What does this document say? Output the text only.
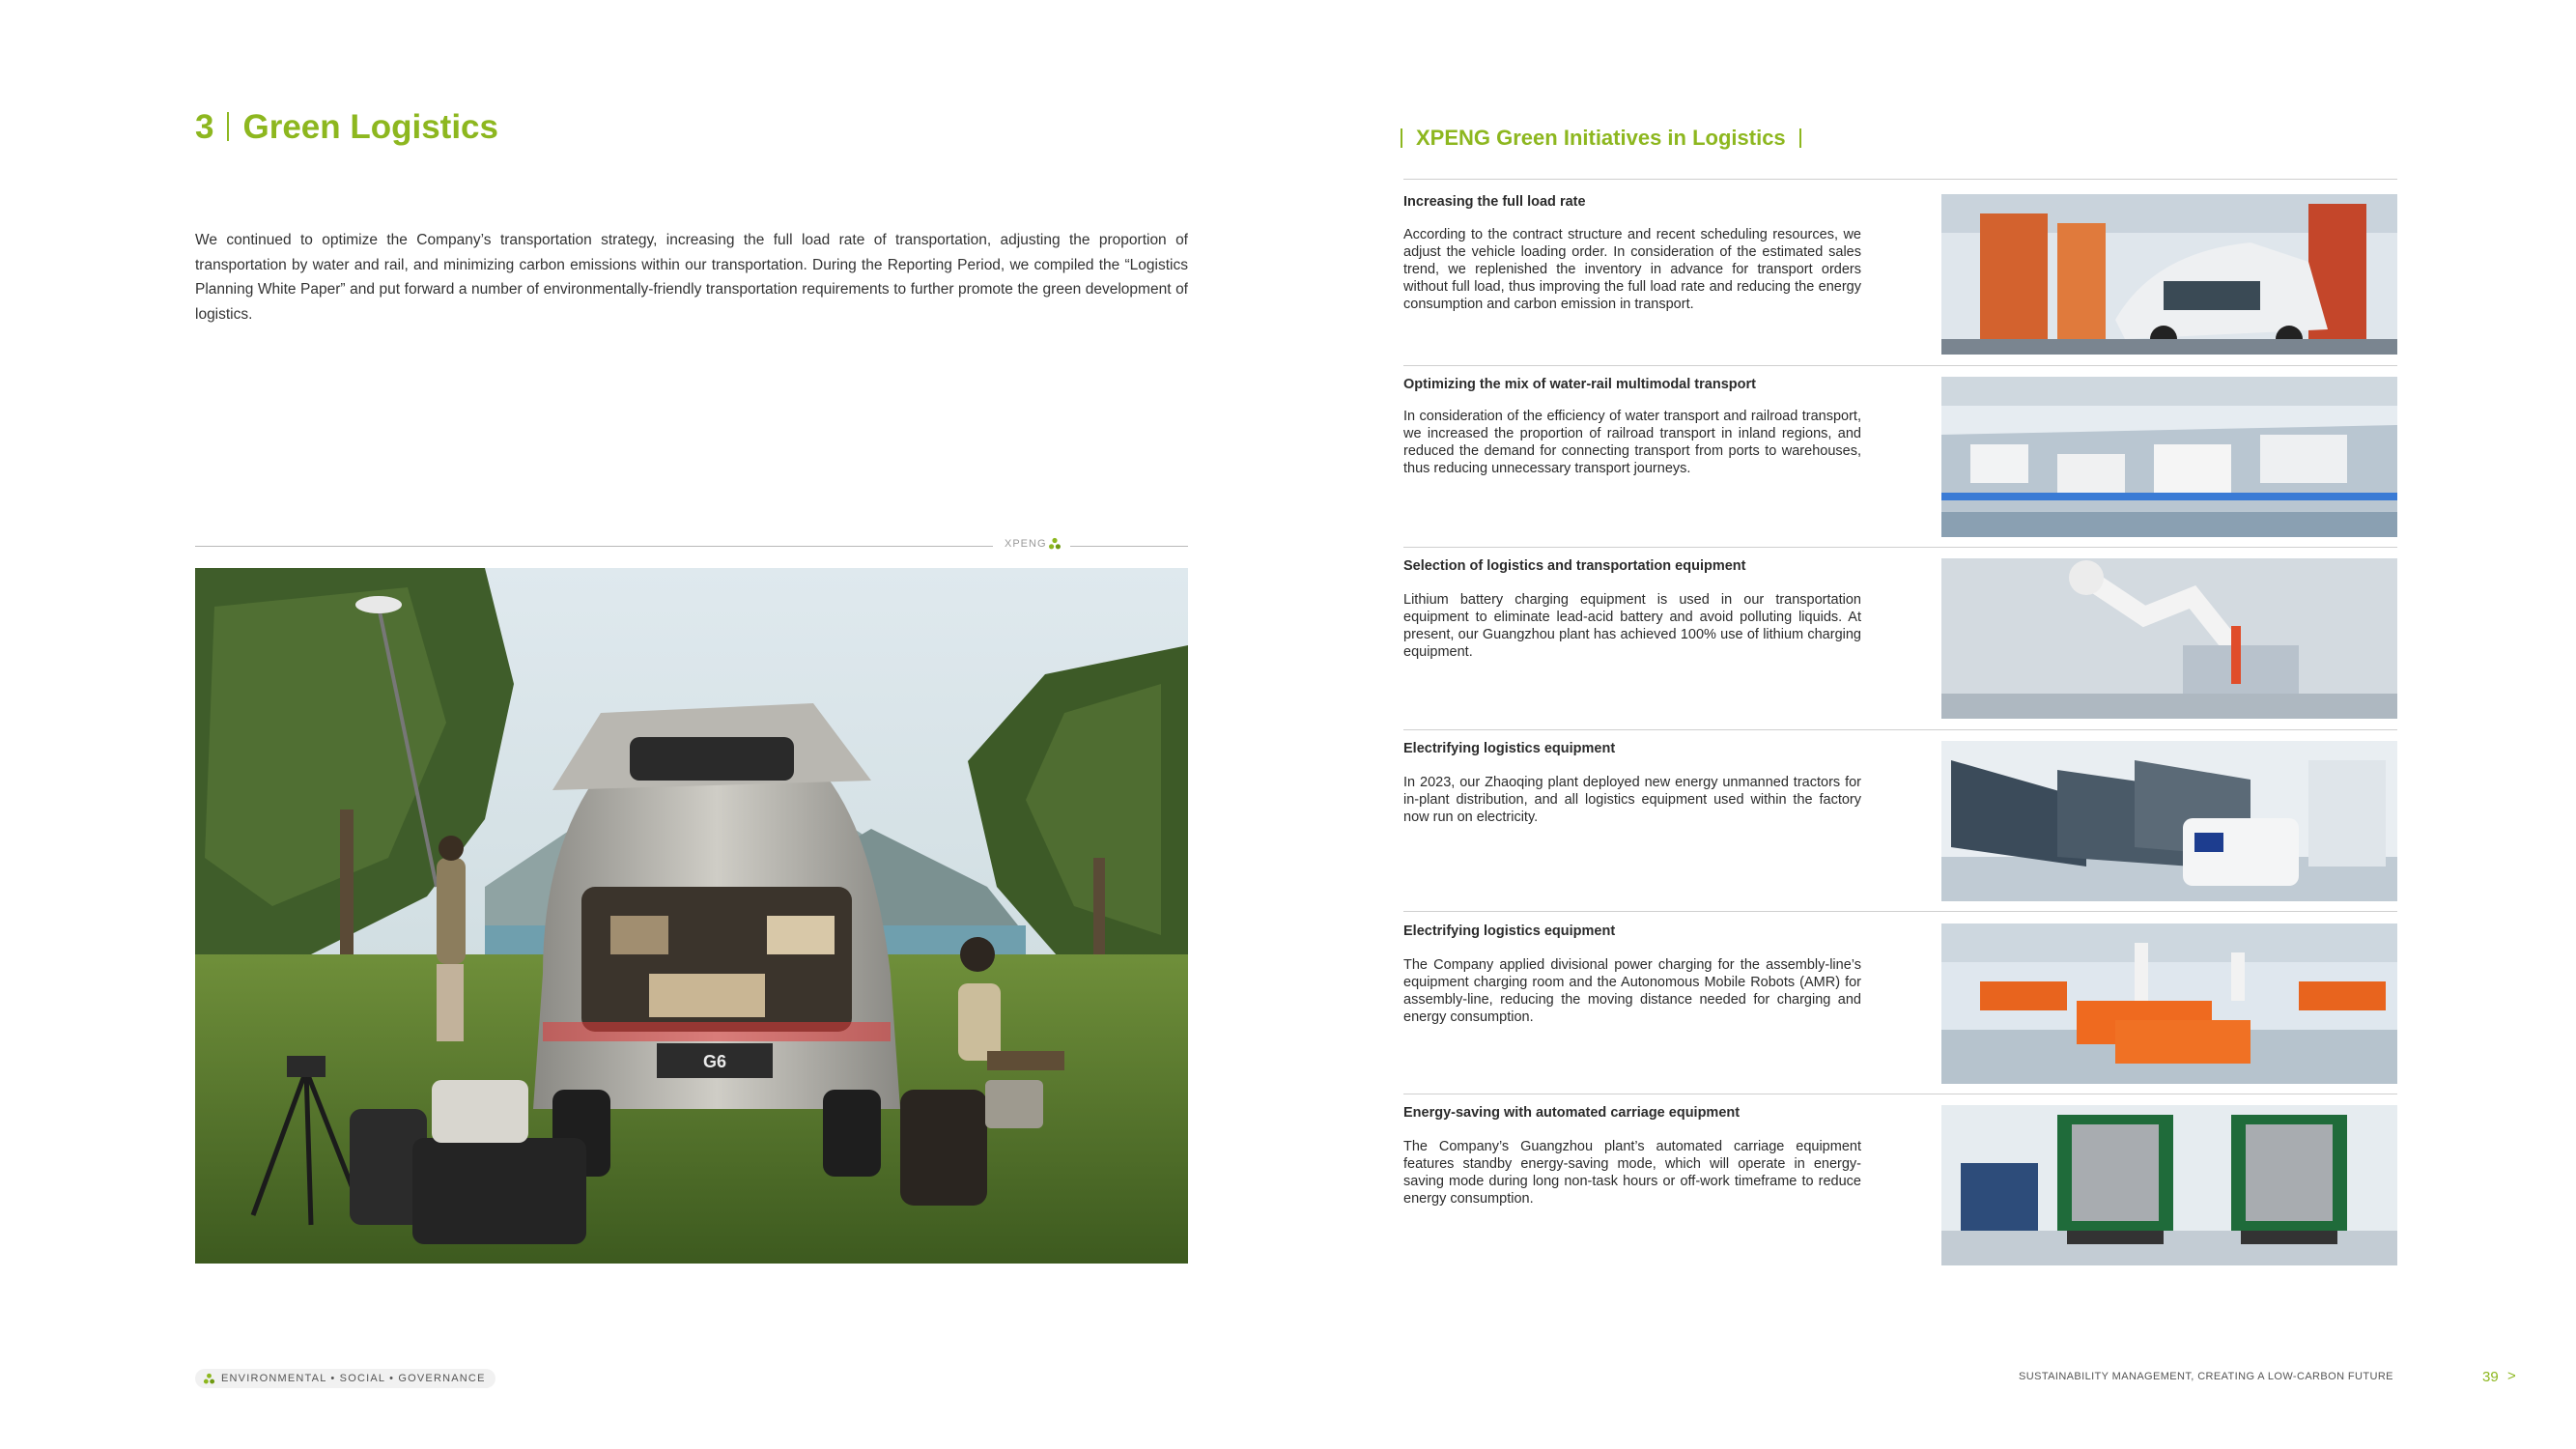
3 Green Logistics
We continued to optimize the Company’s transportation strategy, increasing the full load rate of transportation, adjusting the proportion of transportation by water and rail, and minimizing carbon emissions within our transportation. During the Reporting Period, we compiled the “Logistics Planning White Paper” and put forward a number of environmentally-friendly transportation requirements to further promote the green development of logistics.
XPENG
G6
ENVIRONMENTAL • SOCIAL • GOVERNANCE
XPENG Green Initiatives in Logistics
Increasing the full load rate
According to the contract structure and recent scheduling resources, we adjust the vehicle loading order. In consideration of the estimated sales trend, we replenished the inventory in advance for transport orders without full load, thus improving the full load rate and reducing the energy consumption and carbon emission in transport.
Optimizing the mix of water-rail multimodal transport
In consideration of the efficiency of water transport and railroad transport, we increased the proportion of railroad transport in inland regions, and reduced the demand for connecting transport from ports to warehouses, thus reducing unnecessary transport journeys.
Selection of logistics and transportation equipment
Lithium battery charging equipment is used in our transportation equipment to eliminate lead-acid battery and avoid polluting liquids. At present, our Guangzhou plant has achieved 100% use of lithium charging equipment.
Electrifying logistics equipment
In 2023, our Zhaoqing plant deployed new energy unmanned tractors for in-plant distribution, and all logistics equipment used within the factory now run on electricity.
Electrifying logistics equipment
The Company applied divisional power charging for the assembly-line’s equipment charging room and the Autonomous Mobile Robots (AMR) for assembly-line, reducing the moving distance needed for charging and energy consumption.
Energy-saving with automated carriage equipment
The Company’s Guangzhou plant’s automated carriage equipment features standby energy-saving mode, which will operate in energy-saving mode during long non-task hours or off-work timeframe to reduce energy consumption.
SUSTAINABILITY MANAGEMENT, CREATING A LOW-CARBON FUTURE	39 >
